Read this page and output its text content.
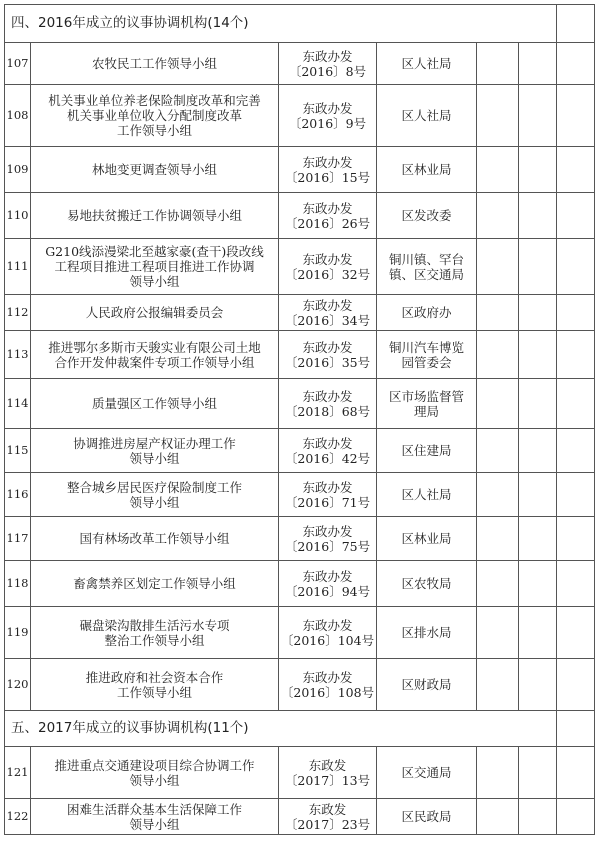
四、2016年成立的议事协调机构(14个)						
107	农牧民工工作领导小组	东政办发
〔2016〕8号	区人社局			

108	机关事业单位养老保险制度改革和完善
机关事业单位收入分配制度改革
工作领导小组	东政办发
〔2016〕9号	区人社局			

109	林地变更调查领导小组	东政办发
〔2016〕15号	区林业局			

110	易地扶贫搬迁工作协调领导小组	东政办发
〔2016〕26号	区发改委			

111	G210线添漫梁北至越家豪(查干)段改线
工程项目推进工程项目推进工作协调
领导小组	东政办发
〔2016〕32号	铜川镇、罕台
镇、区交通局			

112	人民政府公报编辑委员会	东政办发
〔2016〕34号	区政府办			

113	推进鄂尔多斯市天骏实业有限公司土地
合作开发仲裁案件专项工作领导小组	东政办发
〔2016〕35号	铜川汽车博览
园管委会			

114	质量强区工作领导小组	东政办发
〔2018〕68号	区市场监督管
理局			

115	协调推进房屋产权证办理工作
领导小组	东政办发
〔2016〕42号	区住建局			

116	整合城乡居民医疗保险制度工作
领导小组	东政办发
〔2016〕71号	区人社局			

117	国有林场改革工作领导小组	东政办发
〔2016〕75号	区林业局			

118	畜禽禁养区划定工作领导小组	东政办发
〔2016〕94号	区农牧局			

119	碾盘梁沟散排生活污水专项
整治工作领导小组	东政办发
〔2016〕104号	区排水局			

120	推进政府和社会资本合作
工作领导小组	东政办发
〔2016〕108号	区财政局			

五、2017年成立的议事协调机构(11个)						
121	推进重点交通建设项目综合协调工作
领导小组	东政发
〔2017〕13号	区交通局			

122	困难生活群众基本生活保障工作
领导小组	东政发
〔2017〕23号	区民政局			
